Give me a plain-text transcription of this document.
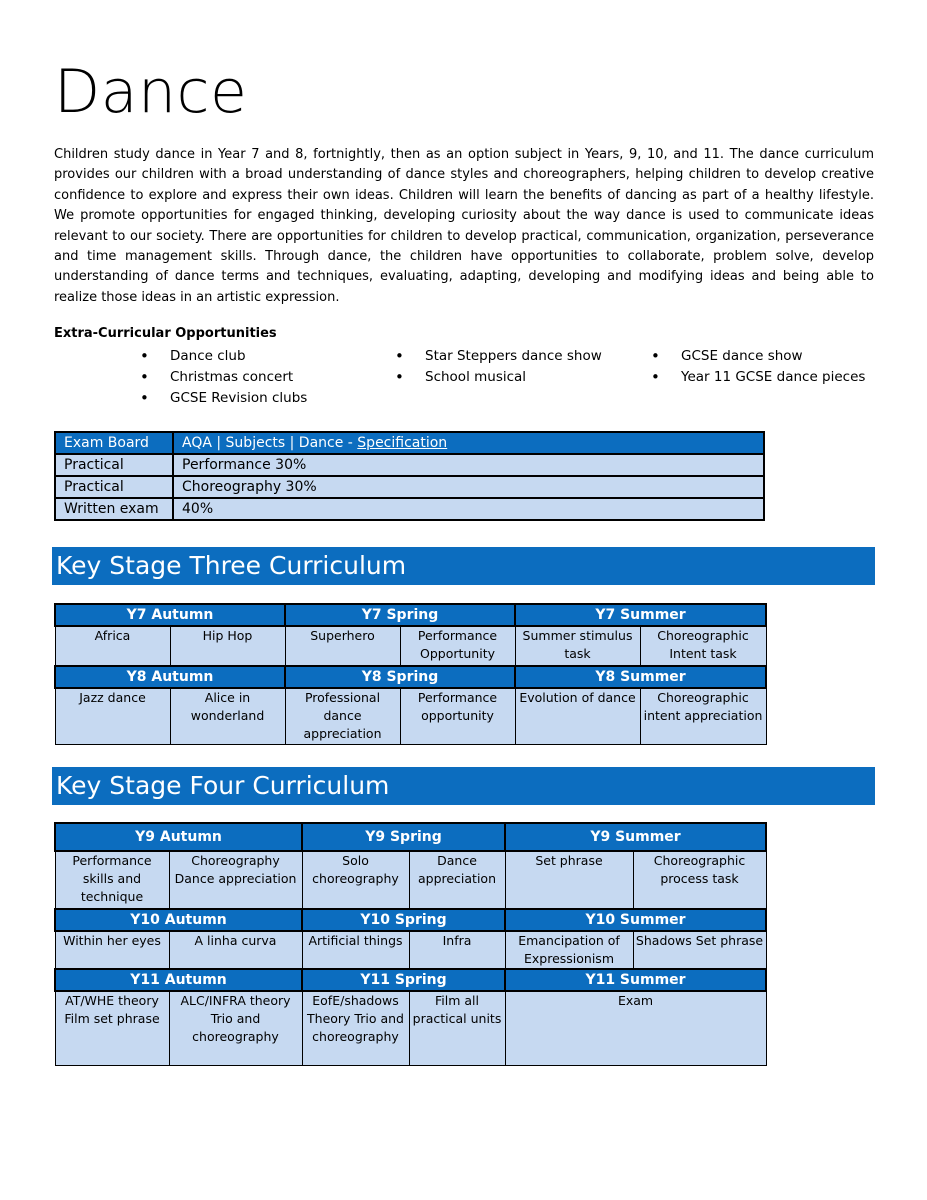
Dance

Children study dance in Year 7 and 8, fortnightly, then as an option subject in Years, 9, 10, and 11. The dance curriculum provides our children with a broad understanding of dance styles and choreographers, helping children to develop creative confidence to explore and express their own ideas. Children will learn the benefits of dancing as part of a healthy lifestyle. We promote opportunities for engaged thinking, developing curiosity about the way dance is used to communicate ideas relevant to our society. There are opportunities for children to develop practical, communication, organization, perseverance and time management skills. Through dance, the children have opportunities to collaborate, problem solve, develop understanding of dance terms and techniques, evaluating, adapting, developing and modifying ideas and being able to realize those ideas in an artistic expression.

Extra-Curricular Opportunities

• Dance club
• Christmas concert
• GCSE Revision clubs
• Star Steppers dance show
• School musical
• GCSE dance show
• Year 11 GCSE dance pieces
Exam Board	AQA | Subjects | Dance - Specification
Practical	Performance 30%
Practical	Choreography 30%
Written exam	40%
Key Stage Three Curriculum
Y7 Autumn		Y7 Spring		Y7 Summer	
Africa	Hip Hop	Superhero	Performance Opportunity	Summer stimulus task	Choreographic Intent task
Y8 Autumn		Y8 Spring		Y8 Summer	
Jazz dance	Alice in wonderland	Professional dance appreciation	Performance opportunity	Evolution of dance	Choreographic intent appreciation
Key Stage Four Curriculum
Y9 Autumn		Y9 Spring		Y9 Summer	
Performance skills and technique	Choreography Dance appreciation	Solo choreography	Dance appreciation	Set phrase	Choreographic process task
Y10 Autumn		Y10 Spring		Y10 Summer	
Within her eyes	A linha curva	Artificial things	Infra	Emancipation of Expressionism	Shadows Set phrase
Y11 Autumn		Y11 Spring		Y11 Summer	
AT/WHE theory Film set phrase	ALC/INFRA theory Trio and choreography	EofE/shadows Theory Trio and choreography	Film all practical units	Exam	
